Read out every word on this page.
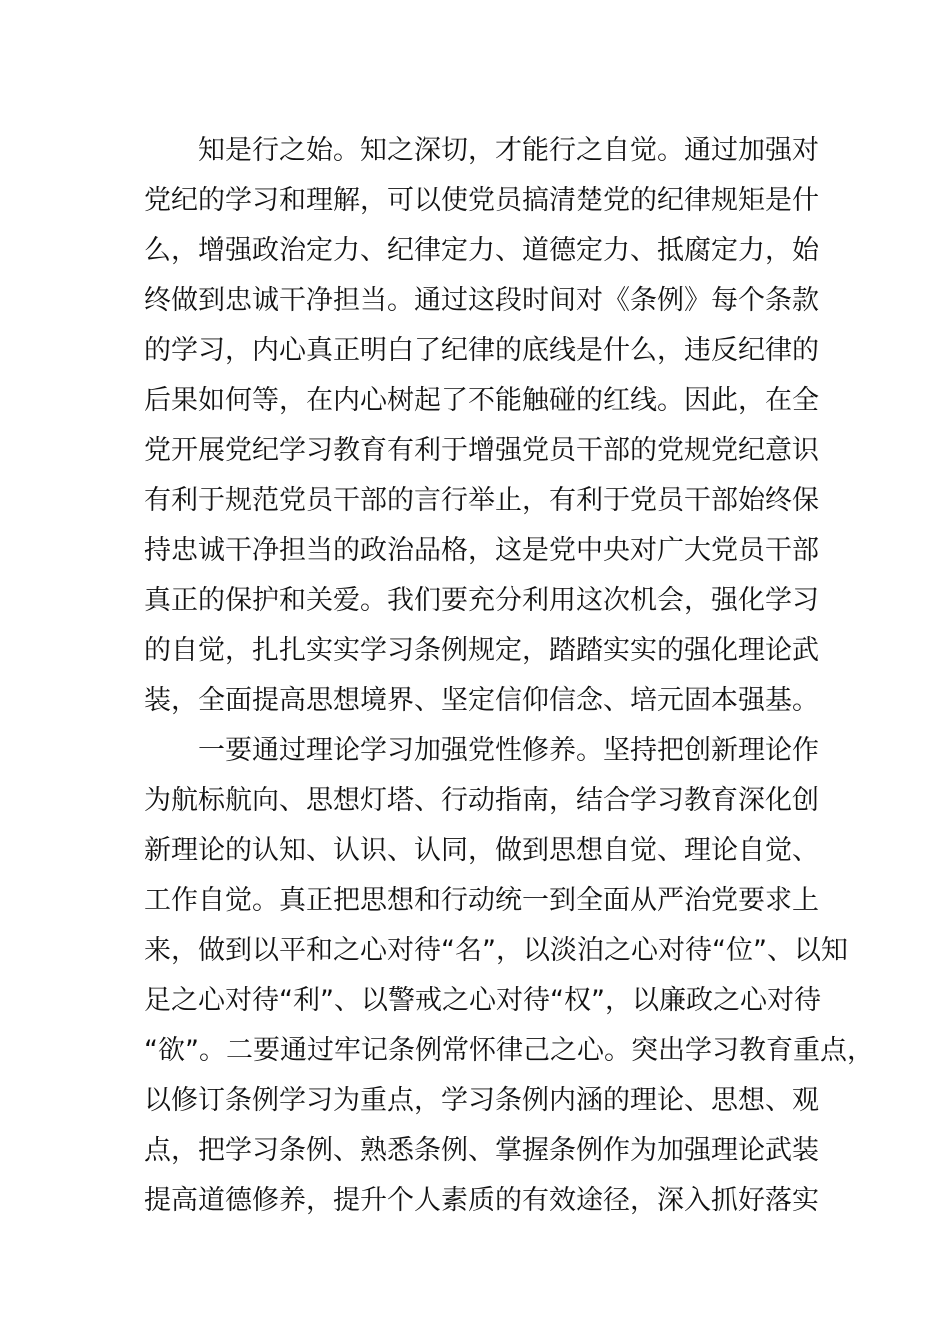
知是行之始。知之深切，才能行之自觉。通过加强对
党纪的学习和理解，可以使党员搞清楚党的纪律规矩是什
么，增强政治定力、纪律定力、道德定力、抵腐定力，始
终做到忠诚干净担当。通过这段时间对《条例》每个条款
的学习，内心真正明白了纪律的底线是什么，违反纪律的
后果如何等，在内心树起了不能触碰的红线。因此，在全
党开展党纪学习教育有利于增强党员干部的党规党纪意识
有利于规范党员干部的言行举止，有利于党员干部始终保
持忠诚干净担当的政治品格，这是党中央对广大党员干部
真正的保护和关爱。我们要充分利用这次机会，强化学习
的自觉，扎扎实实学习条例规定，踏踏实实的强化理论武
装，全面提高思想境界、坚定信仰信念、培元固本强基。
一要通过理论学习加强党性修养。坚持把创新理论作
为航标航向、思想灯塔、行动指南，结合学习教育深化创
新理论的认知、认识、认同，做到思想自觉、理论自觉、
工作自觉。真正把思想和行动统一到全面从严治党要求上
来，做到以平和之心对待“名”，以淡泊之心对待“位”、以知
足之心对待“利”、以警戒之心对待“权”，以廉政之心对待
“欲”。二要通过牢记条例常怀律己之心。突出学习教育重点，
以修订条例学习为重点，学习条例内涵的理论、思想、观
点，把学习条例、熟悉条例、掌握条例作为加强理论武装
提高道德修养，提升个人素质的有效途径，深入抓好落实
